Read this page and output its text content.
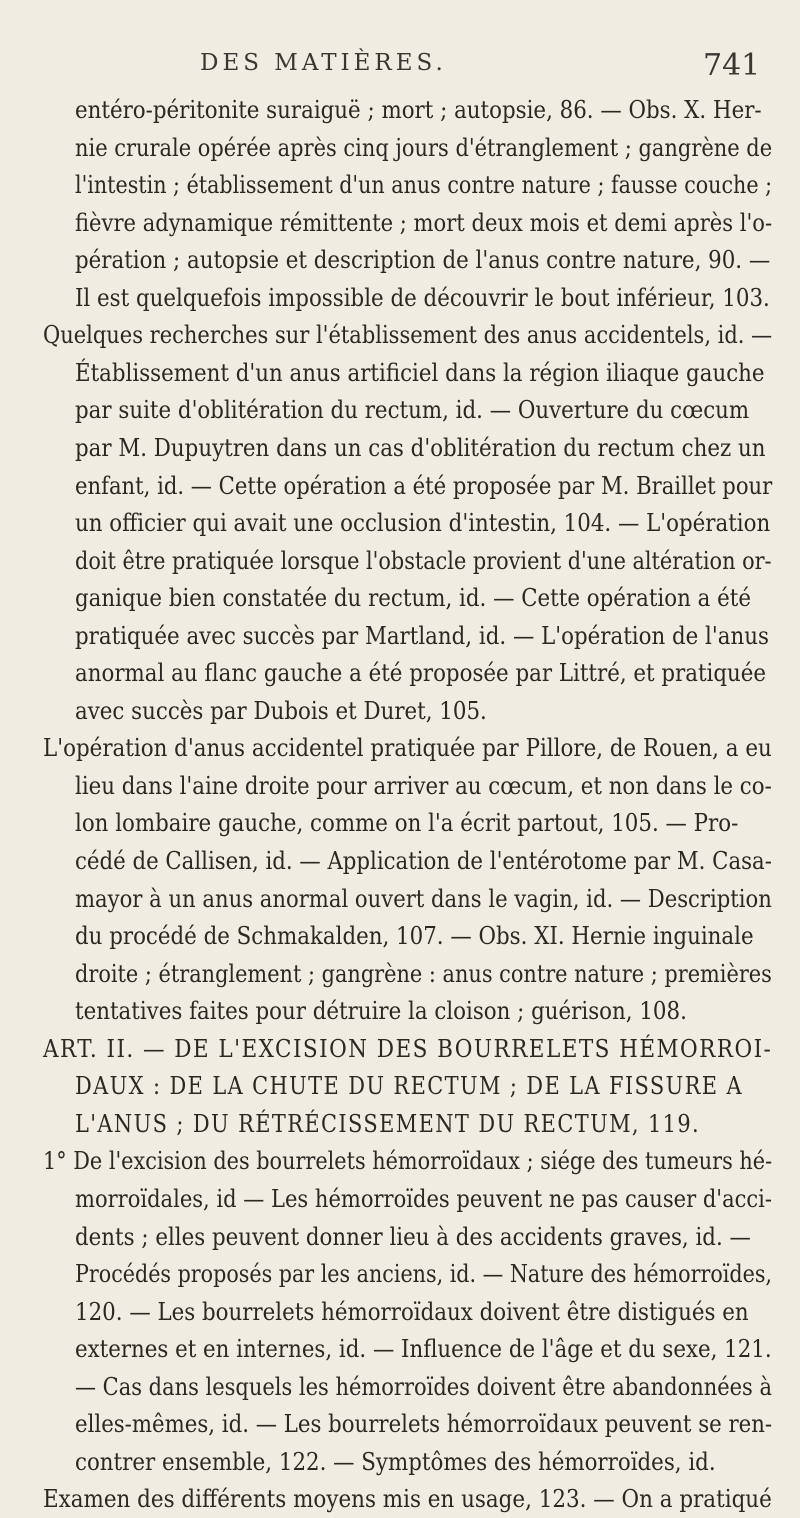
DES MATIÈRES.	741
entéro-péritonite suraiguë ; mort ; autopsie, 86. — Obs. X. Her-
nie crurale opérée après cinq jours d'étranglement ; gangrène de
l'intestin ; établissement d'un anus contre nature ; fausse couche ;
fièvre adynamique rémittente ; mort deux mois et demi après l'o-
pération ; autopsie et description de l'anus contre nature, 90. —
Il est quelquefois impossible de découvrir le bout inférieur, 103.
Quelques recherches sur l'établissement des anus accidentels, id. —
Établissement d'un anus artificiel dans la région iliaque gauche
par suite d'oblitération du rectum, id. — Ouverture du cœcum
par M. Dupuytren dans un cas d'oblitération du rectum chez un
enfant, id. — Cette opération a été proposée par M. Braillet pour
un officier qui avait une occlusion d'intestin, 104. — L'opération
doit être pratiquée lorsque l'obstacle provient d'une altération or-
ganique bien constatée du rectum, id. — Cette opération a été
pratiquée avec succès par Martland, id. — L'opération de l'anus
anormal au flanc gauche a été proposée par Littré, et pratiquée
avec succès par Dubois et Duret, 105.
L'opération d'anus accidentel pratiquée par Pillore, de Rouen, a eu
lieu dans l'aine droite pour arriver au cœcum, et non dans le co-
lon lombaire gauche, comme on l'a écrit partout, 105. — Pro-
cédé de Callisen, id. — Application de l'entérotome par M. Casa-
mayor à un anus anormal ouvert dans le vagin, id. — Description
du procédé de Schmakalden, 107. — Obs. XI. Hernie inguinale
droite ; étranglement ; gangrène : anus contre nature ; premières
tentatives faites pour détruire la cloison ; guérison, 108.
ART. II. — DE L'EXCISION DES BOURRELETS HÉMORROI-
DAUX : DE LA CHUTE DU RECTUM ; DE LA FISSURE A
L'ANUS ; DU RÉTRÉCISSEMENT DU RECTUM, 119.
1° De l'excision des bourrelets hémorroïdaux ; siége des tumeurs hé-
morroïdales, id — Les hémorroïdes peuvent ne pas causer d'acci-
dents ; elles peuvent donner lieu à des accidents graves, id. —
Procédés proposés par les anciens, id. — Nature des hémorroïdes,
120. — Les bourrelets hémorroïdaux doivent être distigués en
externes et en internes, id. — Influence de l'âge et du sexe, 121.
— Cas dans lesquels les hémorroïdes doivent être abandonnées à
elles-mêmes, id. — Les bourrelets hémorroïdaux peuvent se ren-
contrer ensemble, 122. — Symptômes des hémorroïdes, id.
Examen des différents moyens mis en usage, 123. — On a pratiqué
